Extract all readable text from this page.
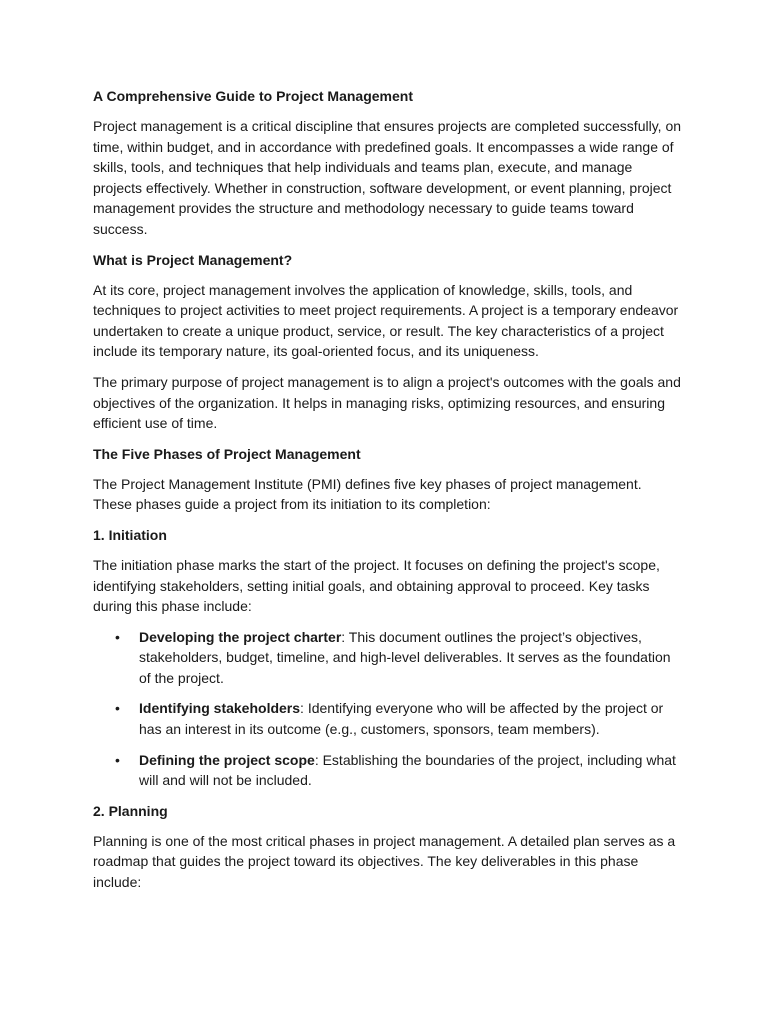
A Comprehensive Guide to Project Management

Project management is a critical discipline that ensures projects are completed successfully, on time, within budget, and in accordance with predefined goals. It encompasses a wide range of skills, tools, and techniques that help individuals and teams plan, execute, and manage projects effectively. Whether in construction, software development, or event planning, project management provides the structure and methodology necessary to guide teams toward success.

What is Project Management?

At its core, project management involves the application of knowledge, skills, tools, and techniques to project activities to meet project requirements. A project is a temporary endeavor undertaken to create a unique product, service, or result. The key characteristics of a project include its temporary nature, its goal-oriented focus, and its uniqueness.

The primary purpose of project management is to align a project's outcomes with the goals and objectives of the organization. It helps in managing risks, optimizing resources, and ensuring efficient use of time.

The Five Phases of Project Management

The Project Management Institute (PMI) defines five key phases of project management. These phases guide a project from its initiation to its completion:

1. Initiation

The initiation phase marks the start of the project. It focuses on defining the project's scope, identifying stakeholders, setting initial goals, and obtaining approval to proceed. Key tasks during this phase include:

• Developing the project charter: This document outlines the project’s objectives, stakeholders, budget, timeline, and high-level deliverables. It serves as the foundation of the project.
• Identifying stakeholders: Identifying everyone who will be affected by the project or has an interest in its outcome (e.g., customers, sponsors, team members).
• Defining the project scope: Establishing the boundaries of the project, including what will and will not be included.
2. Planning

Planning is one of the most critical phases in project management. A detailed plan serves as a roadmap that guides the project toward its objectives. The key deliverables in this phase include:
